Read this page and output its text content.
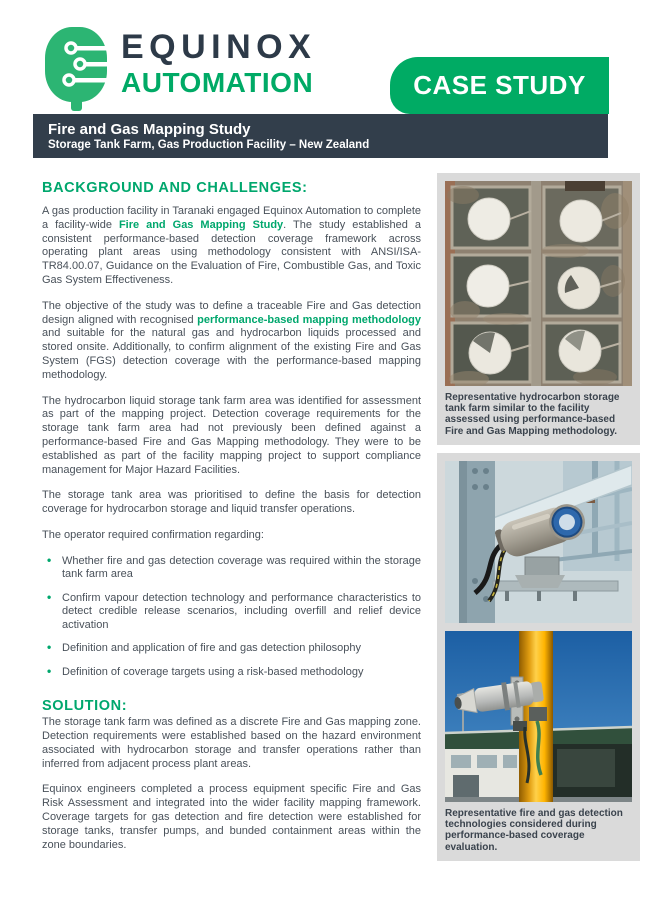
EQUINOX
AUTOMATION	CASE STUDY
Fire and Gas Mapping Study
Storage Tank Farm, Gas Production Facility – New Zealand
BACKGROUND AND CHALLENGES:

A gas production facility in Taranaki engaged Equinox Automation to complete a facility-wide Fire and Gas Mapping Study. The study established a consistent performance-based detection coverage framework across operating plant areas using methodology consistent with ANSI/ISA-TR84.00.07, Guidance on the Evaluation of Fire, Combustible Gas, and Toxic Gas System Effectiveness.

The objective of the study was to define a traceable Fire and Gas detection design aligned with recognised performance-based mapping methodology and suitable for the natural gas and hydrocarbon liquids processed and stored onsite. Additionally, to confirm alignment of the existing Fire and Gas System (FGS) detection coverage with the performance-based mapping methodology.

The hydrocarbon liquid storage tank farm area was identified for assessment as part of the mapping project. Detection coverage requirements for the storage tank farm area had not previously been defined against a performance-based Fire and Gas Mapping methodology. They were to be established as part of the facility mapping project to support compliance management for Major Hazard Facilities.

The storage tank area was prioritised to define the basis for detection coverage for hydrocarbon storage and liquid transfer operations.

The operator required confirmation regarding:

• Whether fire and gas detection coverage was required within the storage tank farm area
• Confirm vapour detection technology and performance characteristics to detect credible release scenarios, including overfill and relief device activation
• Definition and application of fire and gas detection philosophy
• Definition of coverage targets using a risk-based methodology
SOLUTION:

The storage tank farm was defined as a discrete Fire and Gas mapping zone. Detection requirements were established based on the hazard environment associated with hydrocarbon storage and transfer operations rather than inferred from adjacent process plant areas.

Equinox engineers completed a process equipment specific Fire and Gas Risk Assessment and integrated into the wider facility mapping framework. Coverage targets for gas detection and fire detection were established for storage tanks, transfer pumps, and bunded containment areas within the zone boundaries.

Representative hydrocarbon storage tank farm similar to the facility assessed using performance-based Fire and Gas Mapping methodology.
Representative fire and gas detection technologies considered during performance-based coverage evaluation.
